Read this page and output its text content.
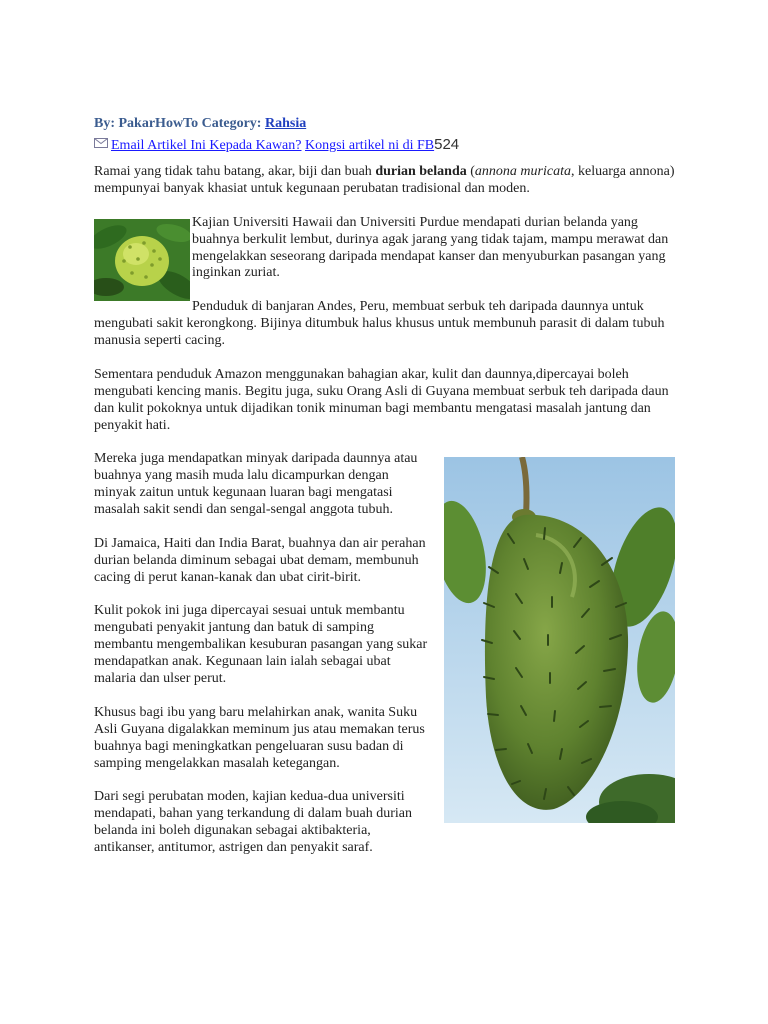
By: PakarHowTo Category: Rahsia
Email Artikel Ini Kepada Kawan? Kongsi artikel ni di FB524

Ramai yang tidak tahu batang, akar, biji dan buah durian belanda (annona muricata, keluarga annona) mempunyai banyak khasiat untuk kegunaan perubatan tradisional dan moden.

Kajian Universiti Hawaii dan Universiti Purdue mendapati durian belanda yang buahnya berkulit lembut, durinya agak jarang yang tidak tajam, mampu merawat dan mengelakkan seseorang daripada mendapat kanser dan menyuburkan pasangan yang inginkan zuriat.

Penduduk di banjaran Andes, Peru, membuat serbuk teh daripada daunnya untuk mengubati sakit kerongkong. Bijinya ditumbuk halus khusus untuk membunuh parasit di dalam tubuh manusia seperti cacing.

Sementara penduduk Amazon menggunakan bahagian akar, kulit dan daunnya,dipercayai boleh mengubati kencing manis. Begitu juga, suku Orang Asli di Guyana membuat serbuk teh daripada daun dan kulit pokoknya untuk dijadikan tonik minuman bagi membantu mengatasi masalah jantung dan penyakit hati.

Mereka juga mendapatkan minyak daripada daunnya atau buahnya yang masih muda lalu dicampurkan dengan minyak zaitun untuk kegunaan luaran bagi mengatasi masalah sakit sendi dan sengal-sengal anggota tubuh.

Di Jamaica, Haiti dan India Barat, buahnya dan air perahan durian belanda diminum sebagai ubat demam, membunuh cacing di perut kanan-kanak dan ubat cirit-birit.

Kulit pokok ini juga dipercayai sesuai untuk membantu mengubati penyakit jantung dan batuk di samping membantu mengembalikan kesuburan pasangan yang sukar mendapatkan anak. Kegunaan lain ialah sebagai ubat malaria dan ulser perut.

Khusus bagi ibu yang baru melahirkan anak, wanita Suku Asli Guyana digalakkan meminum jus atau memakan terus buahnya bagi meningkatkan pengeluaran susu badan di samping mengelakkan masalah ketegangan.

Dari segi perubatan moden, kajian kedua-dua universiti mendapati, bahan yang terkandung di dalam buah durian belanda ini boleh digunakan sebagai aktibakteria, antikanser, antitumor, astrigen dan penyakit saraf.
